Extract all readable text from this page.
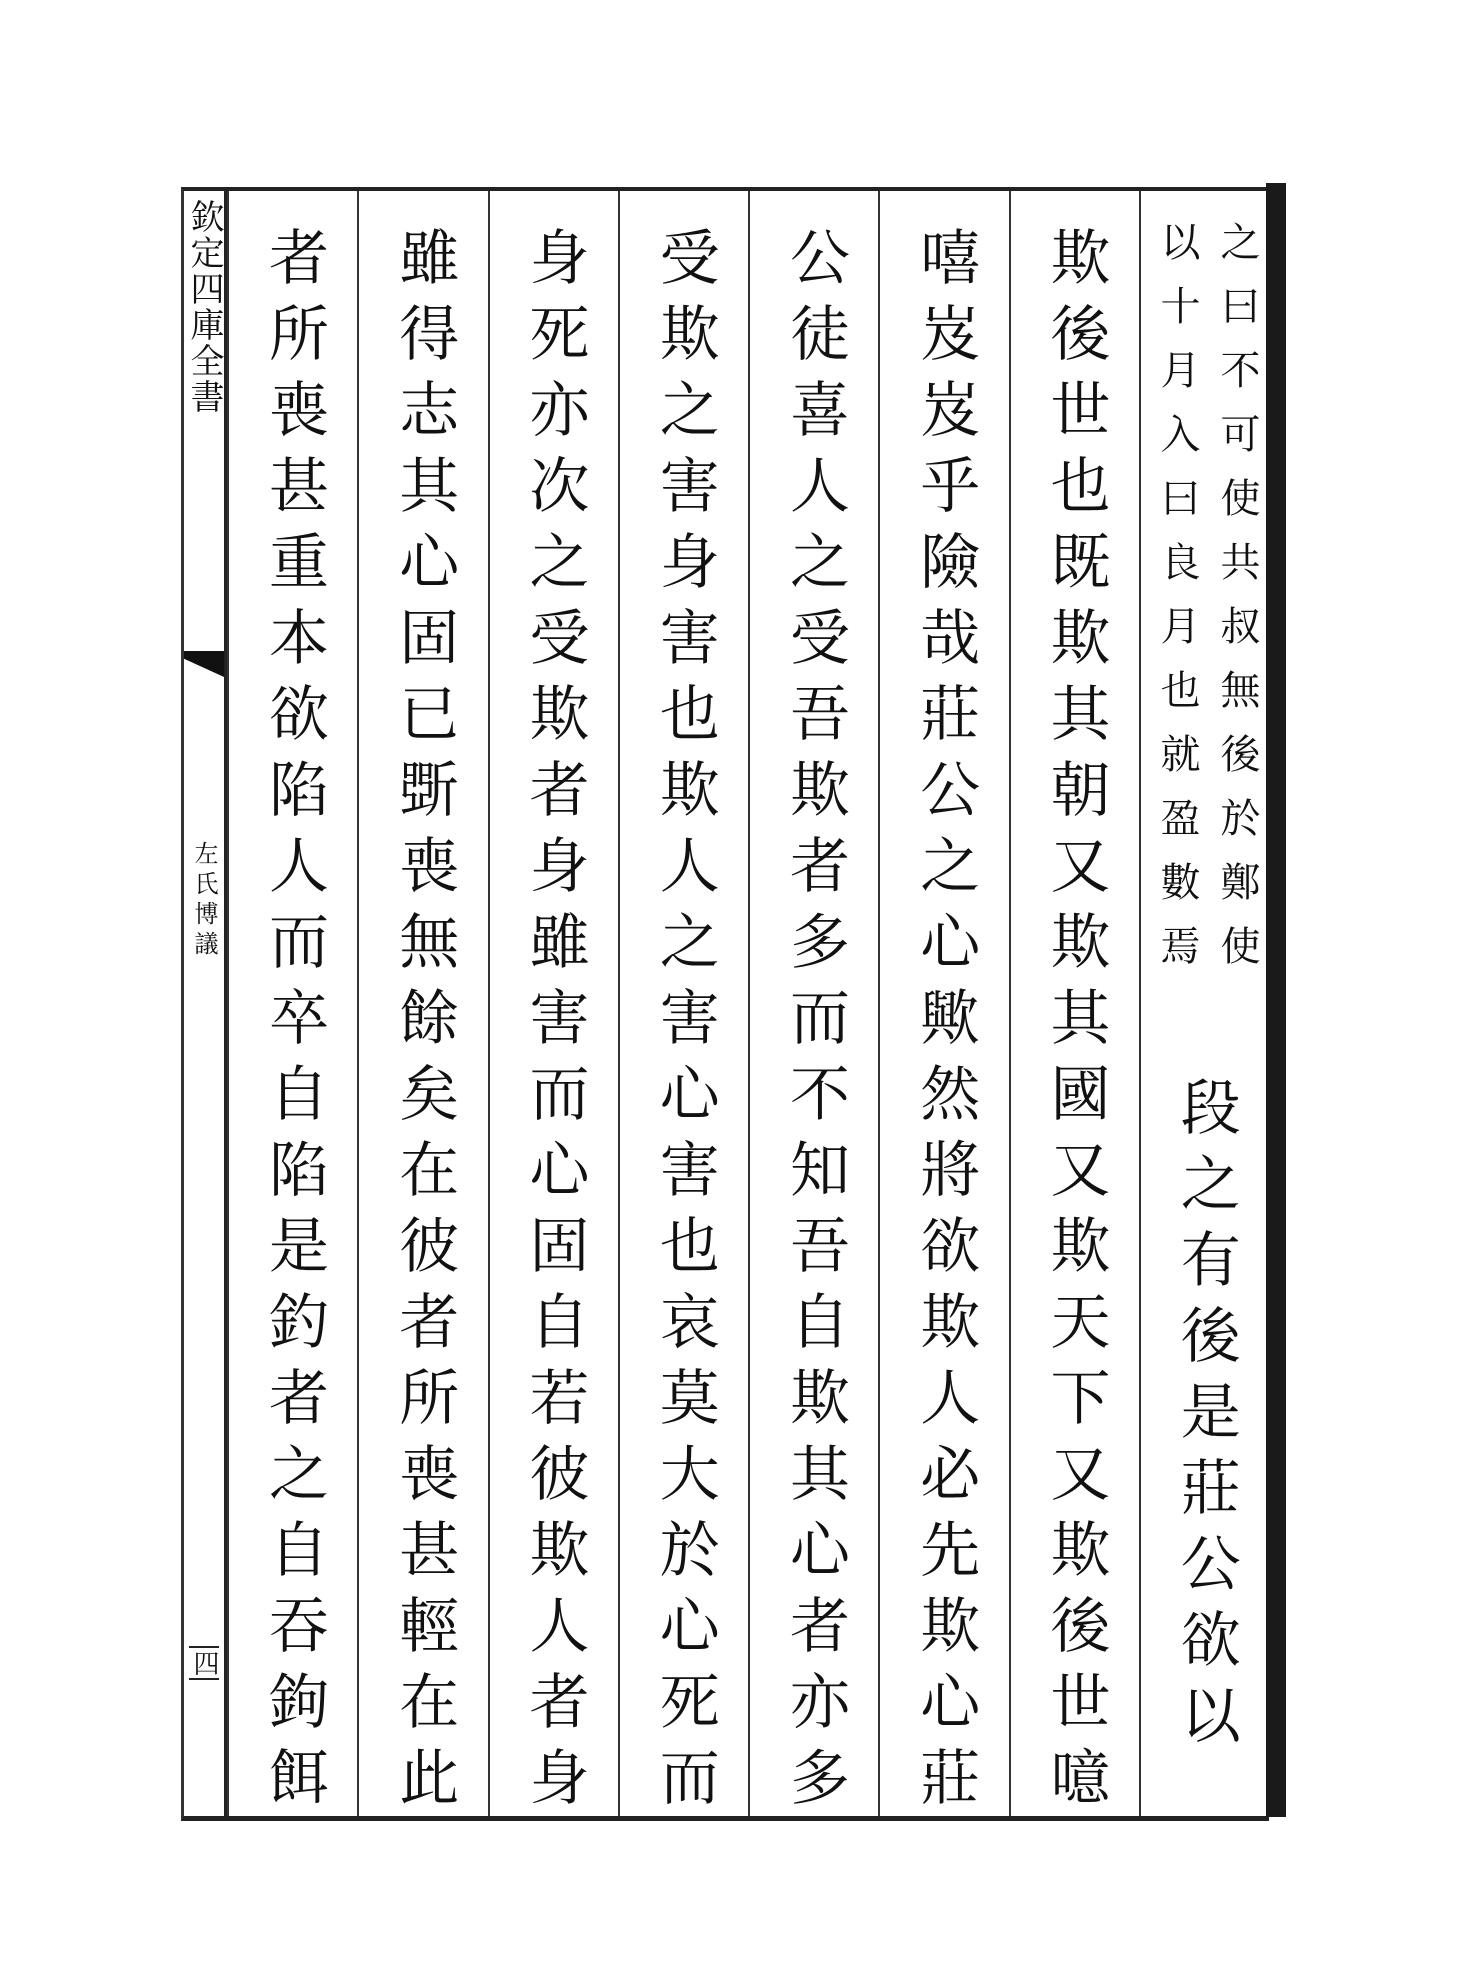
欽定四庫全書
左氏博議
四
之曰不可使共叔無後於鄭使
以十月入曰良月也就盈數焉
段之有後是莊公欲以
欺後世也既欺其朝又欺其國又欺天下又欺後世噫
嘻岌岌乎險哉莊公之心歟然將欲欺人必先欺心莊
公徒喜人之受吾欺者多而不知吾自欺其心者亦多
受欺之害身害也欺人之害心害也哀莫大於心死而
身死亦次之受欺者身雖害而心固自若彼欺人者身
雖得志其心固已斲喪無餘矣在彼者所喪甚輕在此
者所喪甚重本欲陷人而卒自陷是釣者之自吞鉤餌
